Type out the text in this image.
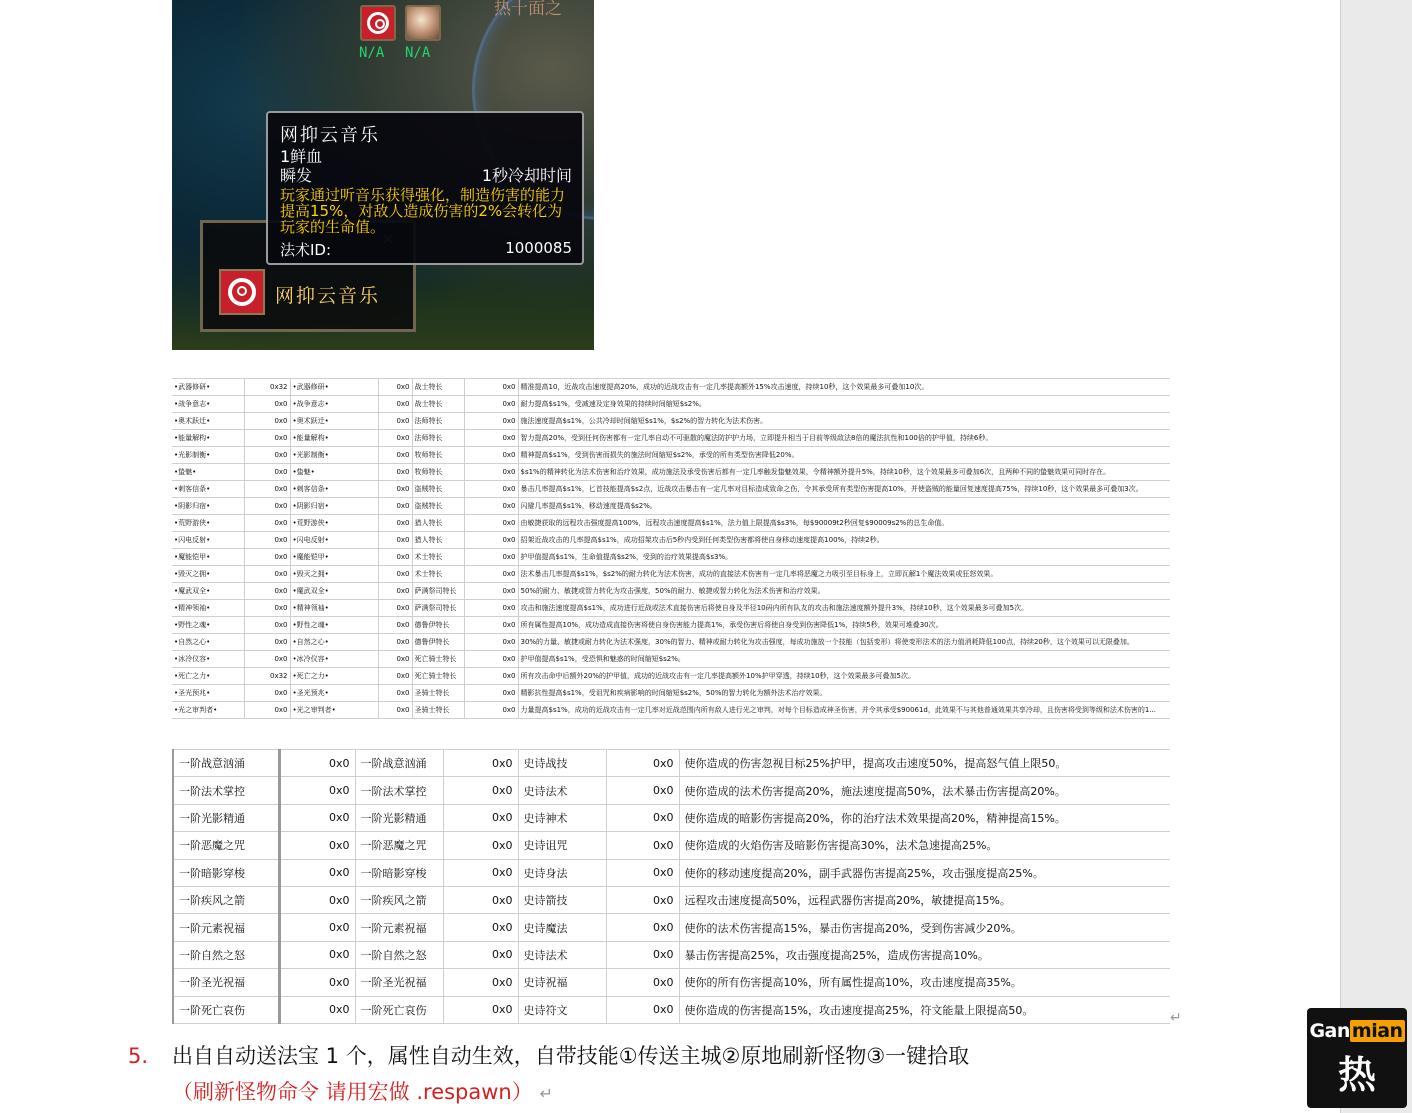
热十面之
N/A N/A
网抑云音乐
网抑云音乐
1鲜血
瞬发	1秒冷却时间
玩家通过听音乐获得强化，制造伤害的能力提高15%，对敌人造成伤害的2%会转化为玩家的生命值。
法术ID:	1000085
•武器修研•	0x32	•武器修研•	0x0	战士特长	0x0	精准提高10，近战攻击速度提高20%，成功的近战攻击有一定几率提高额外15%攻击速度，持续10秒，这个效果最多可叠加10次。
•战争意志•	0x0	•战争意志•	0x0	战士特长	0x0	耐力提高$s1%，受减速及定身效果的持续时间缩短$s2%。
•奥术跃迁•	0x0	•奥术跃迁•	0x0	法师特长	0x0	施法速度提高$s1%，公共冷却时间缩短$s1%，$s2%的智力转化为法术伤害。
•能量解构•	0x0	•能量解构•	0x0	法师特长	0x0	智力提高20%，受到任何伤害都有一定几率自动不可驱散的魔法防护护力场，立即提升相当于目前等级敌法8倍的魔法抗性和100倍的护甲值，持续6秒。
•光影制衡•	0x0	•光影制衡•	0x0	牧师特长	0x0	精神提高$s1%，受到伤害而损失的施法时间缩短$s2%，承受的所有类型伤害降低20%。
•蛰魅•	0x0	•蛰魅•	0x0	牧师特长	0x0	$s1%的精神转化为法术伤害和治疗效果，成功施法及承受伤害后都有一定几率触发蛰魅效果，令精神额外提升5%，持续10秒，这个效果最多可叠加6次，且两种不同的蛰魅效果可同时存在。
•刺客信条•	0x0	•刺客信条•	0x0	盗贼特长	0x0	暴击几率提高$s1%，匕首技能提高$s2点，近战攻击暴击有一定几率对目标造成致命之伤，令其承受所有类型伤害提高10%，并使盗贼的能量回复速度提高75%，持续10秒，这个效果最多可叠加3次。
•阴影归宿•	0x0	•阴影归宿•	0x0	盗贼特长	0x0	闪避几率提高$s1%，移动速度提高$s2%。
•荒野游侠•	0x0	•荒野游侠•	0x0	猎人特长	0x0	由敏捷获取的远程攻击强度提高100%，远程攻击速度提高$s1%，法力值上限提高$s3%，每$90009t2秒回复$90009s2%的总生命值。
•闪电反射•	0x0	•闪电反射•	0x0	猎人特长	0x0	招架近战攻击的几率提高$s1%，成功招架攻击后5秒内受到任何类型伤害都将使自身移动速度提高100%，持续2秒。
•魔能铠甲•	0x0	•魔能铠甲•	0x0	术士特长	0x0	护甲值提高$s1%，生命值提高$s2%，受到的治疗效果提高$s3%。
•毁灭之拥•	0x0	•毁灭之拥•	0x0	术士特长	0x0	法术暴击几率提高$s1%，$s2%的耐力转化为法术伤害，成功的直接法术伤害有一定几率将恶魔之力吸引至目标身上，立即瓦解1个魔法效果或狂怒效果。
•魔武双全•	0x0	•魔武双全•	0x0	萨满祭司特长	0x0	50%的耐力、敏捷或智力转化为攻击强度，50%的耐力、敏捷或智力转化为法术伤害和治疗效果。
•精神领袖•	0x0	•精神领袖•	0x0	萨满祭司特长	0x0	攻击和施法速度提高$s1%，成功进行近战或法术直接伤害后将使自身及半径10码内所有队友的攻击和施法速度额外提升3%，持续10秒，这个效果最多可叠加5次。
•野性之魂•	0x0	•野性之魂•	0x0	德鲁伊特长	0x0	所有属性提高10%，成功造成直接伤害将使自身伤害能力提高1%，承受伤害后将使自身受到伤害降低1%，持续5秒，效果可堆叠30次。
•自然之心•	0x0	•自然之心•	0x0	德鲁伊特长	0x0	30%的力量、敏捷或耐力转化为法术强度，30%的智力、精神或耐力转化为攻击强度，每成功施放一个技能（包括变形）将使变形法术的法力值消耗降低100点，持续20秒，这个效果可以无限叠加。
•冰冷仪容•	0x0	•冰冷仪容•	0x0	死亡骑士特长	0x0	护甲值提高$s1%，受恐惧和魅惑的时间缩短$s2%。
•死亡之力•	0x32	•死亡之力•	0x0	死亡骑士特长	0x0	所有攻击命中后额外20%的护甲值，成功的近战攻击有一定几率提高额外10%护甲穿透，持续10秒，这个效果最多可叠加5次。
•圣光预兆•	0x0	•圣光预兆•	0x0	圣骑士特长	0x0	精影抗性提高$s1%，受诅咒和疾病影响的时间缩短$s2%，50%的智力转化为额外法术治疗效果。
•光之审判者•	0x0	•光之审判者•	0x0	圣骑士特长	0x0	力量提高$s1%，成功的近战攻击有一定几率对近战范围内所有敌人进行光之审判，对每个目标造成神圣伤害，并令其承受$90061d，此效果不与其他普通效果共享冷却，且伤害将受到等级和法术伤害的1...
一阶战意汹涌	0x0	一阶战意汹涌	0x0	史诗战技	0x0	使你造成的伤害忽视目标25%护甲，提高攻击速度50%，提高怒气值上限50。
一阶法术掌控	0x0	一阶法术掌控	0x0	史诗法术	0x0	使你造成的法术伤害提高20%，施法速度提高50%，法术暴击伤害提高20%。
一阶光影精通	0x0	一阶光影精通	0x0	史诗神术	0x0	使你造成的暗影伤害提高20%，你的治疗法术效果提高20%，精神提高15%。
一阶恶魔之咒	0x0	一阶恶魔之咒	0x0	史诗诅咒	0x0	使你造成的火焰伤害及暗影伤害提高30%，法术急速提高25%。
一阶暗影穿梭	0x0	一阶暗影穿梭	0x0	史诗身法	0x0	使你的移动速度提高20%，副手武器伤害提高25%，攻击强度提高25%。
一阶疾风之箭	0x0	一阶疾风之箭	0x0	史诗箭技	0x0	远程攻击速度提高50%，远程武器伤害提高20%，敏捷提高15%。
一阶元素祝福	0x0	一阶元素祝福	0x0	史诗魔法	0x0	使你的法术伤害提高15%，暴击伤害提高20%，受到伤害减少20%。
一阶自然之怒	0x0	一阶自然之怒	0x0	史诗法术	0x0	暴击伤害提高25%，攻击强度提高25%，造成伤害提高10%。
一阶圣光祝福	0x0	一阶圣光祝福	0x0	史诗祝福	0x0	使你的所有伤害提高10%，所有属性提高10%，攻击速度提高35%。
一阶死亡哀伤	0x0	一阶死亡哀伤	0x0	史诗符文	0x0	使你造成的伤害提高15%，攻击速度提高25%，符文能量上限提高50。	↵
5. 出自自动送法宝 1 个，属性自动生效，自带技能①传送主城②原地刷新怪物③一键拾取
（刷新怪物命令 请用宏做 .respawn） ↵
Gan mian
热
